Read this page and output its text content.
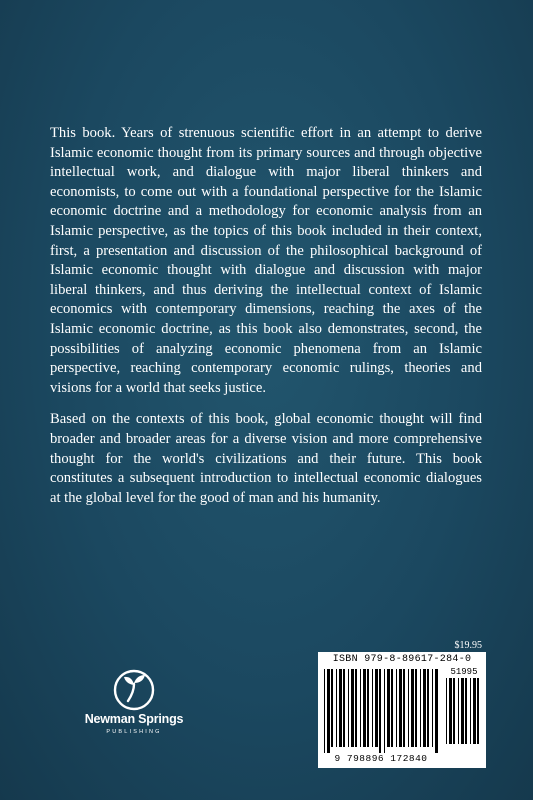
This book. Years of strenuous scientific effort in an attempt to derive Islamic economic thought from its primary sources and through objective intellectual work, and dialogue with major liberal thinkers and economists, to come out with a foundational perspective for the Islamic economic doctrine and a methodology for economic analysis from an Islamic perspective, as the topics of this book included in their context, first, a presentation and discussion of the philosophical background of Islamic economic thought with dialogue and discussion with major liberal thinkers, and thus deriving the intellectual context of Islamic economics with contemporary dimensions, reaching the axes of the Islamic economic doctrine, as this book also demonstrates, second, the possibilities of analyzing economic phenomena from an Islamic perspective, reaching contemporary economic rulings, theories and visions for a world that seeks justice.

Based on the contexts of this book, global economic thought will find broader and broader areas for a diverse vision and more comprehensive thought for the world's civilizations and their future. This book constitutes a subsequent introduction to intellectual economic dialogues at the global level for the good of man and his humanity.

Newman Springs
PUBLISHING
$19.95
ISBN 979-8-89617-284-0
51995
9 798896 172840
